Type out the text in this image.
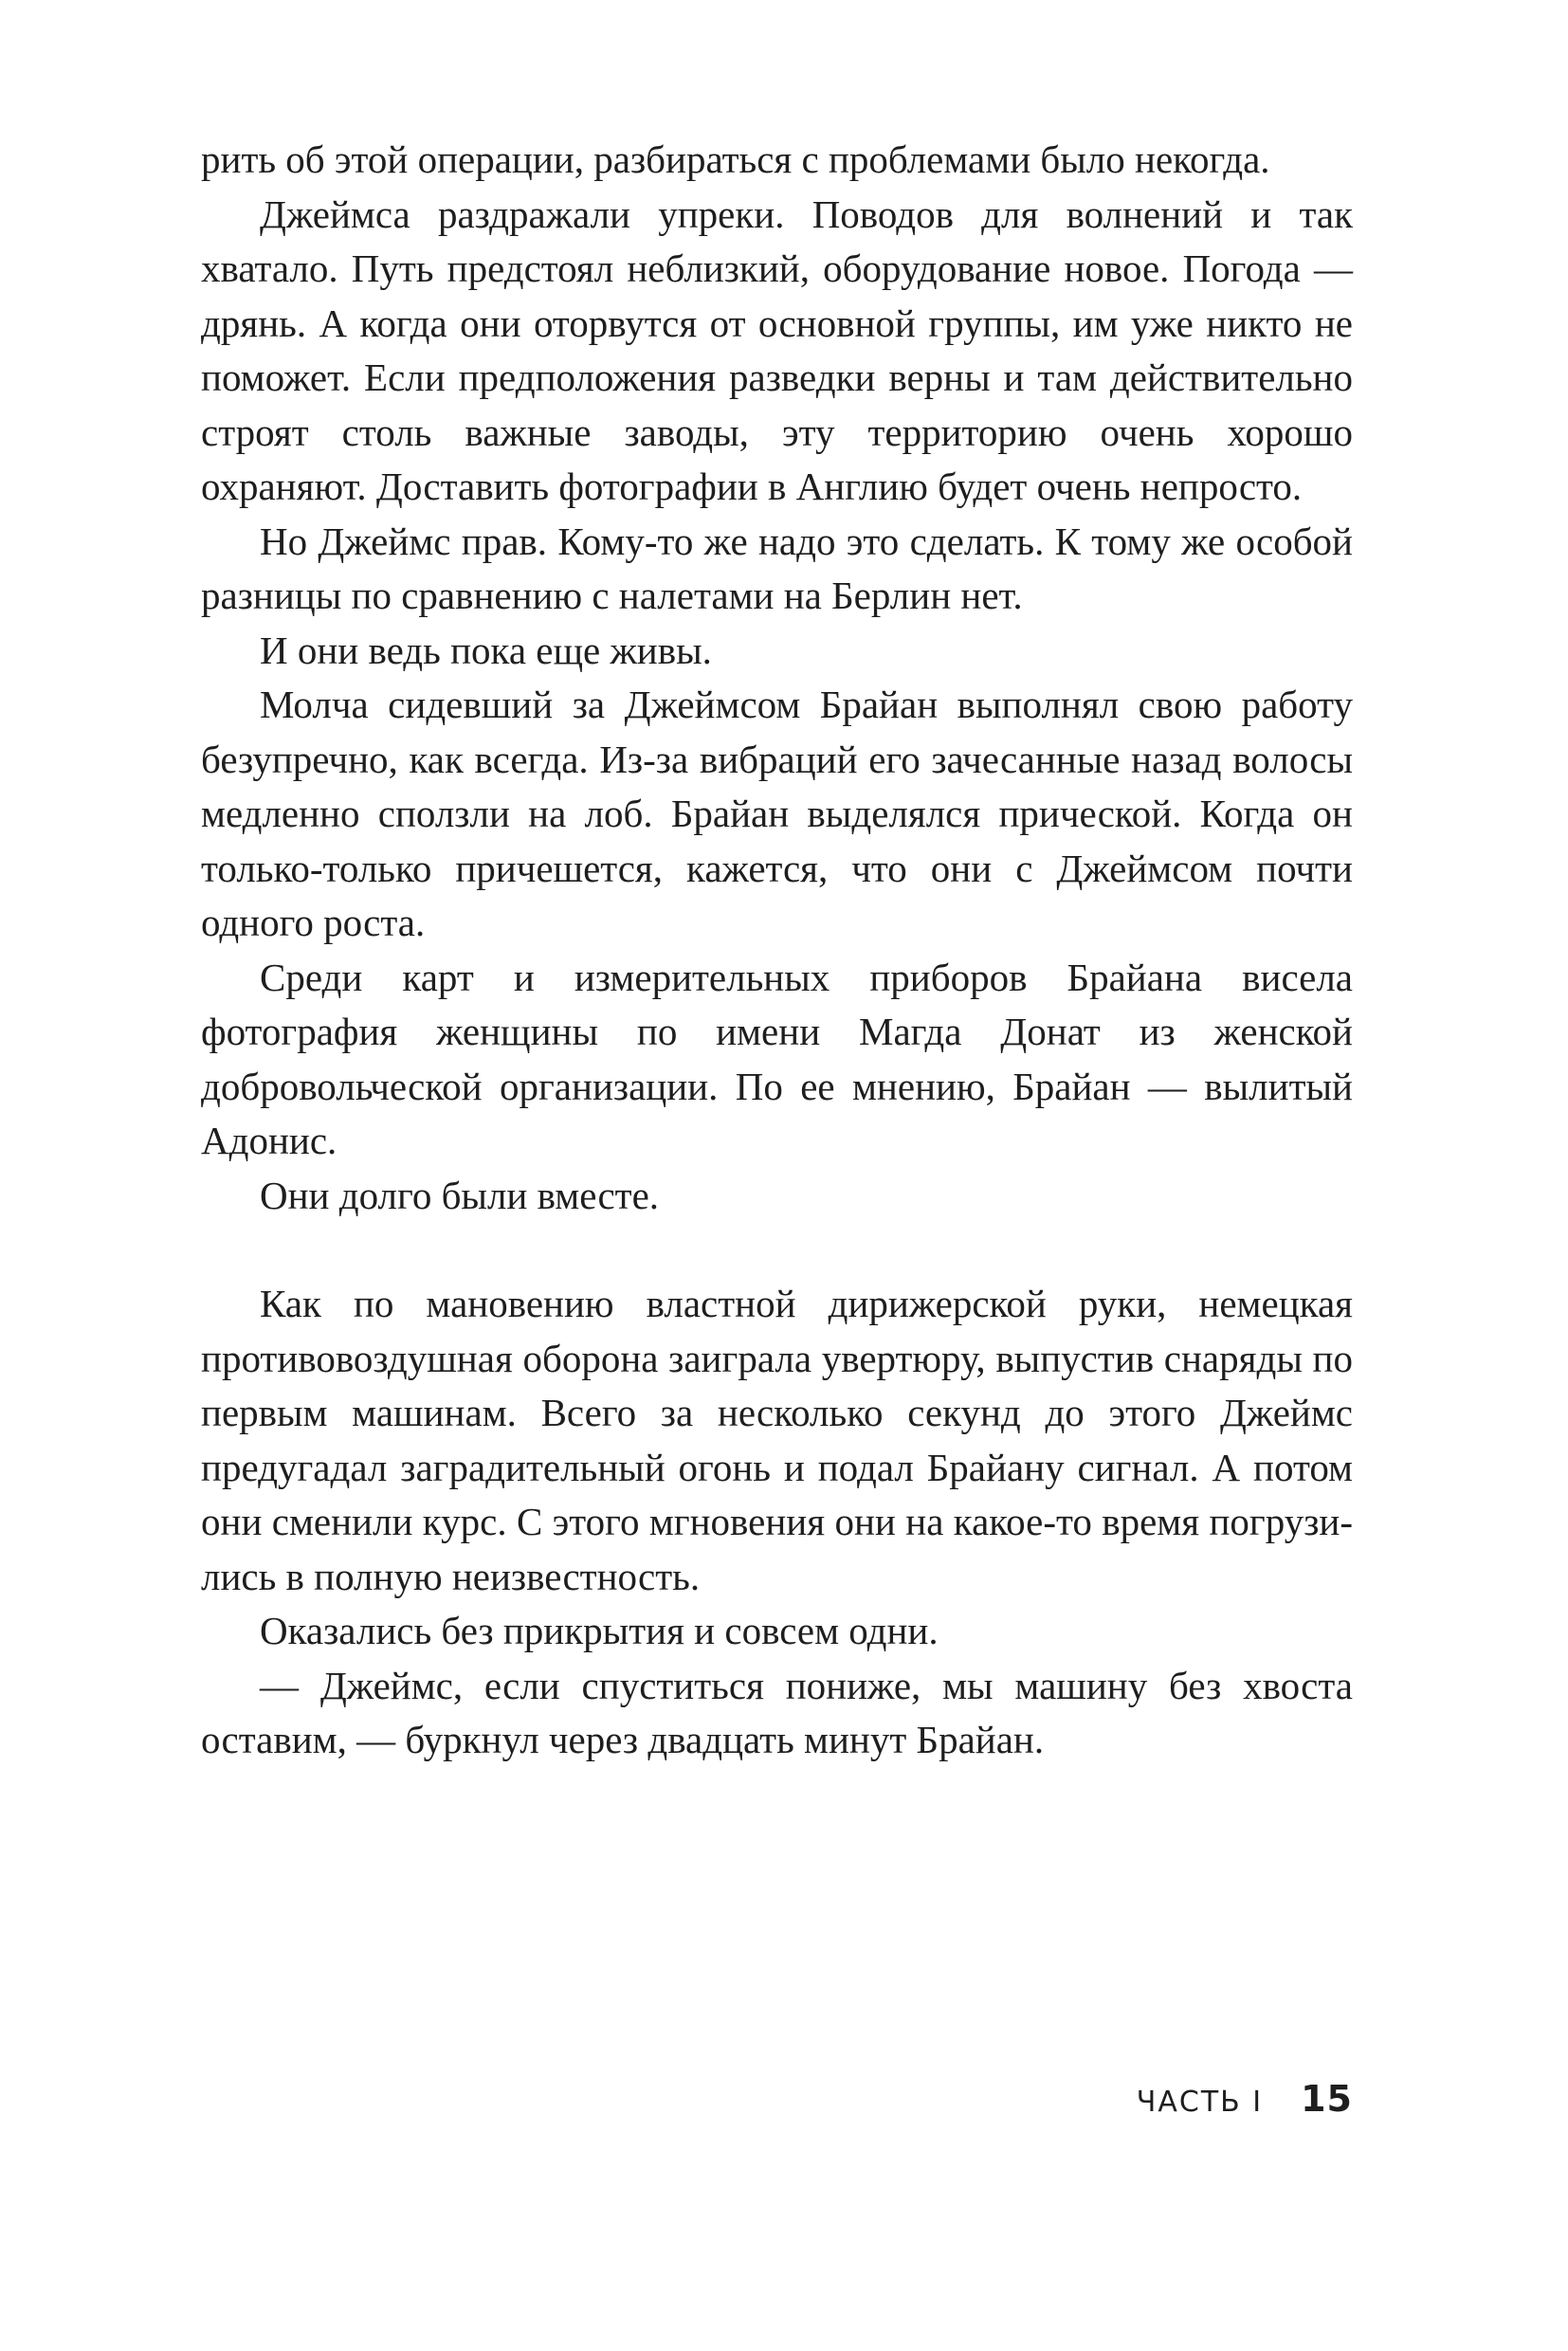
рить об этой операции, разбираться с проблемами было некогда.

Джеймса раздражали упреки. Поводов для волнений и так хватало. Путь предстоял неблизкий, оборудование новое. Погода — дрянь. А когда они оторвутся от основной группы, им уже никто не поможет. Если предположения разведки верны и там действительно строят столь важные заводы, эту территорию очень хорошо охраняют. Доставить фотографии в Англию будет очень непросто.

Но Джеймс прав. Кому-то же надо это сделать. К тому же особой разницы по сравнению с налетами на Берлин нет.

И они ведь пока еще живы.

Молча сидевший за Джеймсом Брайан выполнял свою работу безупречно, как всегда. Из-за вибраций его зачесанные назад волосы медленно сползли на лоб. Брайан выделялся прической. Когда он только-только причешется, кажется, что они с Джеймсом почти одного роста.

Среди карт и измерительных приборов Брайана висела фотография женщины по имени Магда Донат из женской добровольческой организации. По ее мнению, Брайан — вылитый Адонис.

Они долго были вместе.

Как по мановению властной дирижерской руки, немецкая противовоздушная оборона заиграла увертюру, выпустив снаряды по первым машинам. Всего за несколько секунд до этого Джеймс предугадал заградительный огонь и подал Брайану сигнал. А потом они сменили курс. С этого мгновения они на какое-то время погрузились в полную неизвестность.

Оказались без прикрытия и совсем одни.

— Джеймс, если спуститься пониже, мы машину без хвоста оставим, — буркнул через двадцать минут Брайан.

ЧАСТЬ I 15
